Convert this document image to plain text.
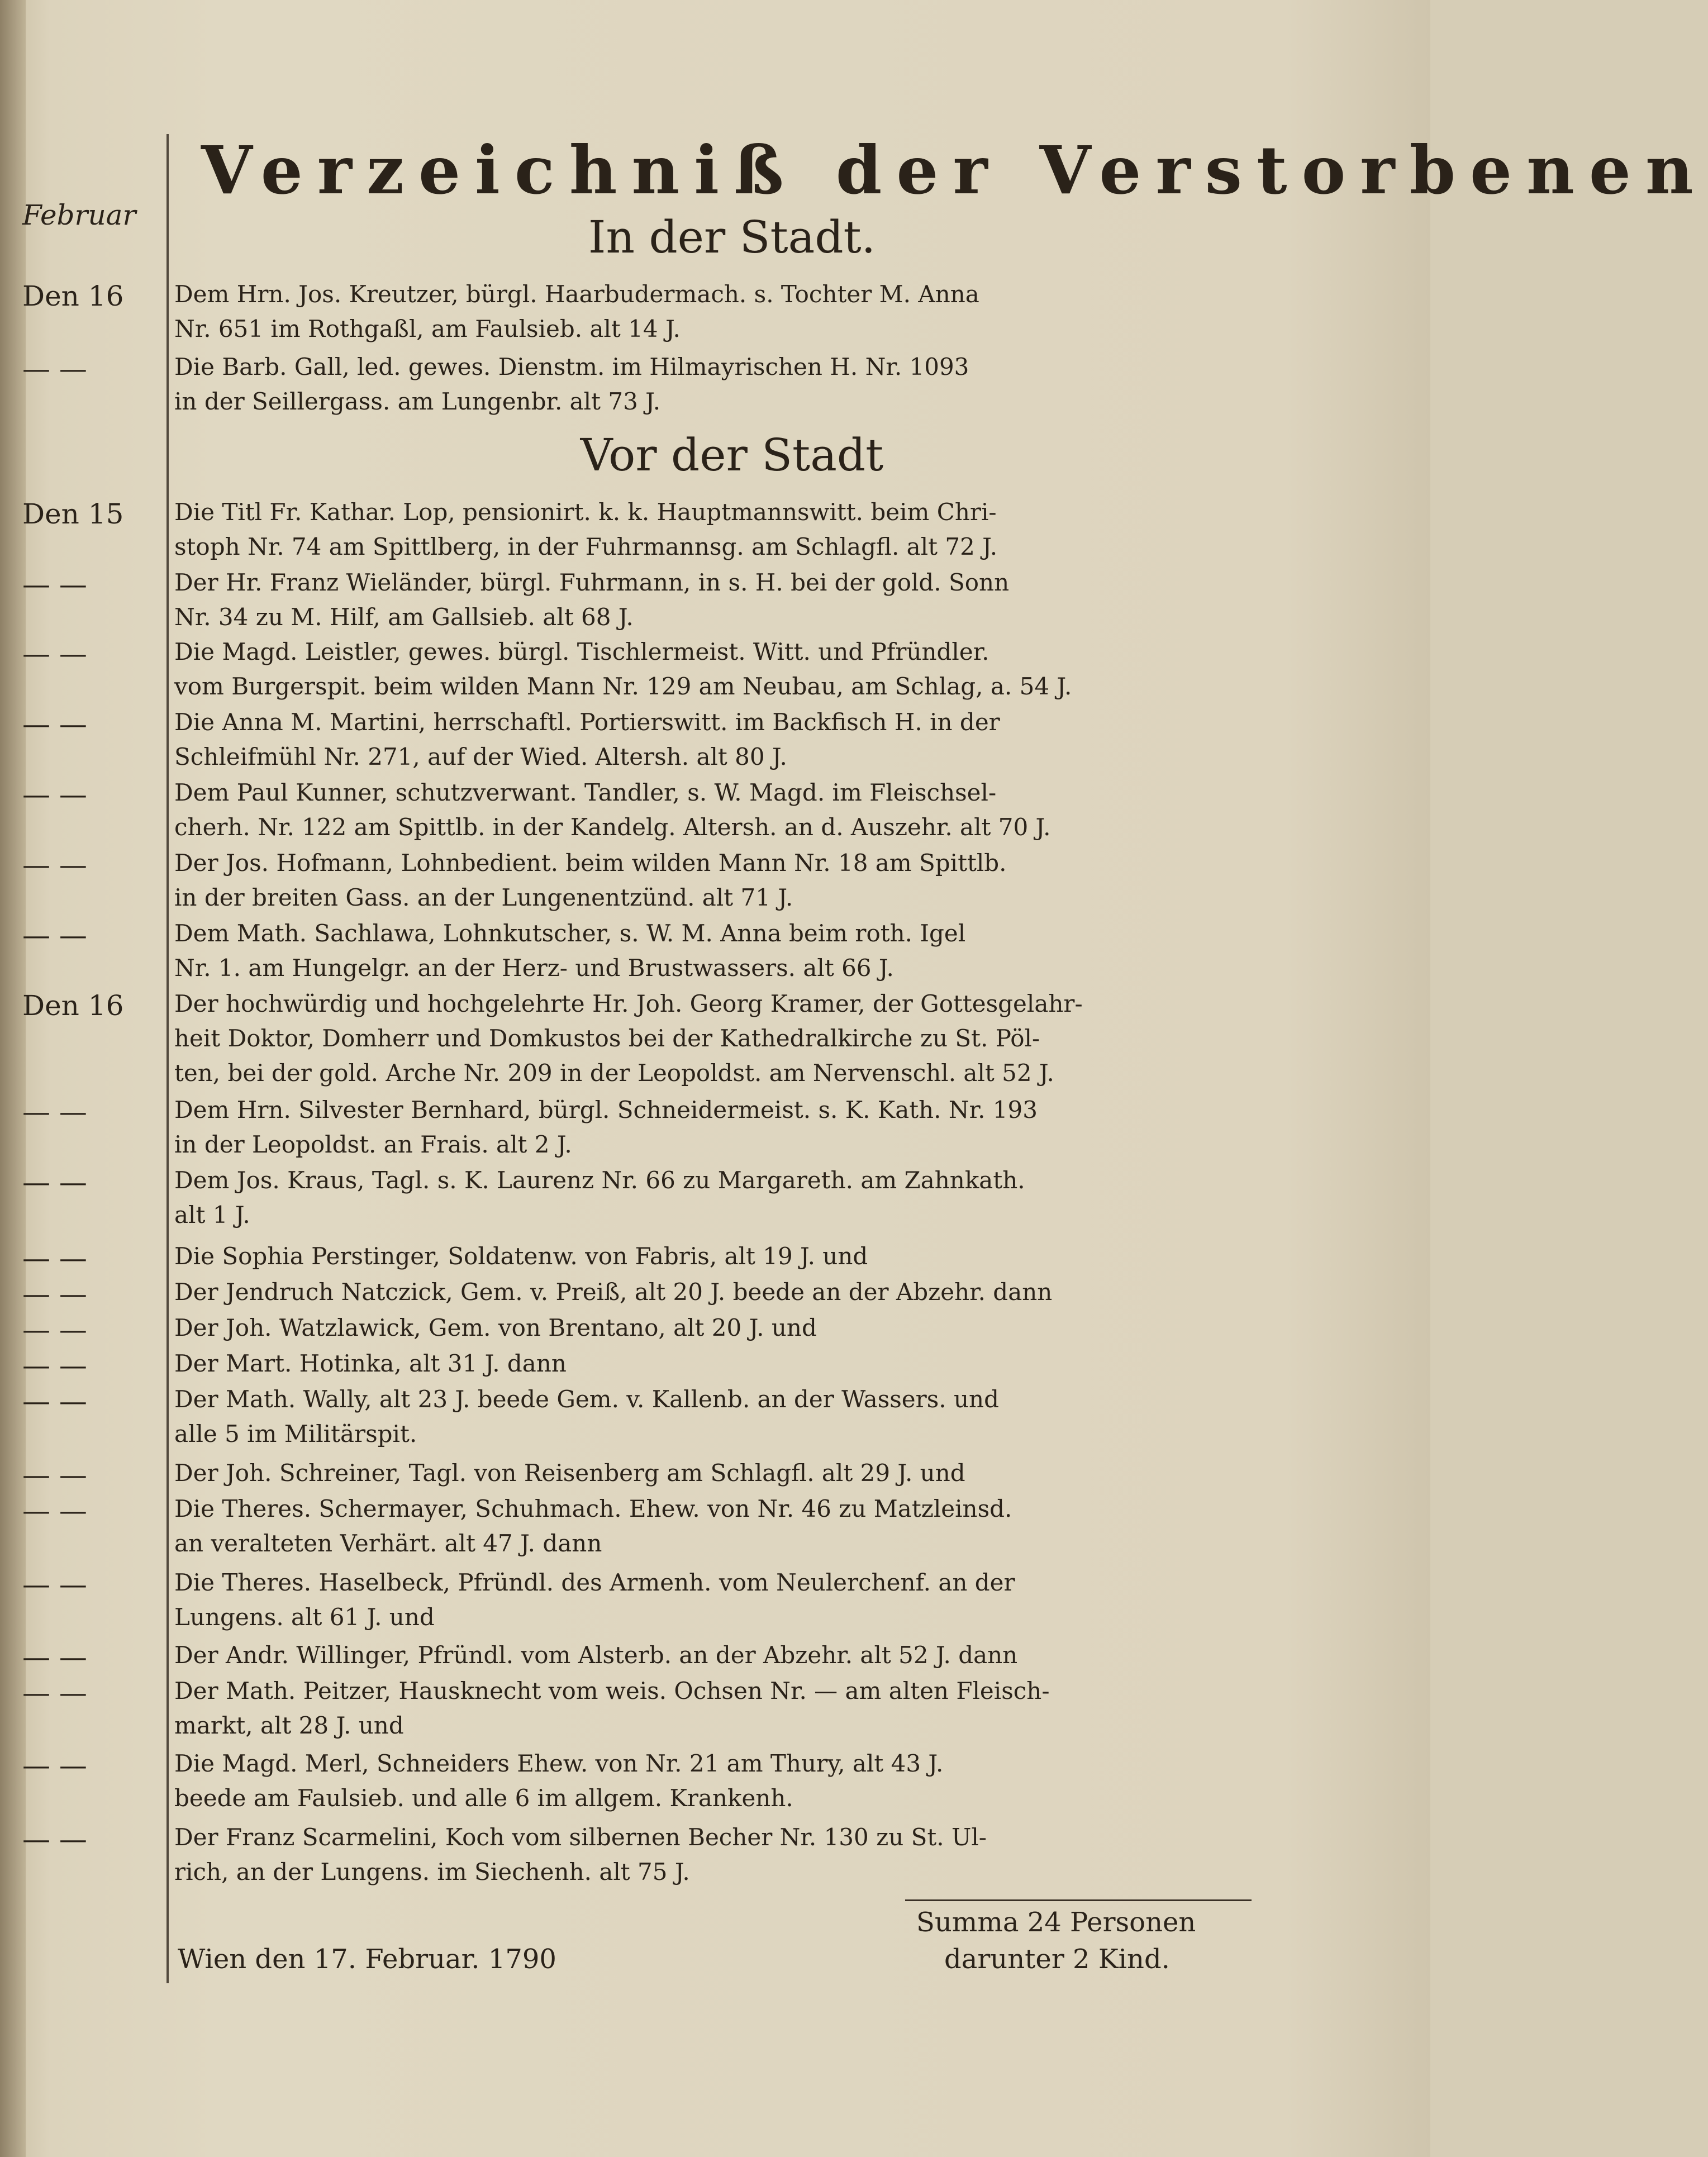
Verzeichniß der Verstorbenen
Februar	In der Stadt.
Vor der Stadt
Den 16	Dem Hrn. Jos. Kreutzer, bürgl. Haarbudermach. s. Tochter M. Anna
Nr. 651 im Rothgaßl, am Faulsieb. alt 14 J.
— —	Die Barb. Gall, led. gewes. Dienstm. im Hilmayrischen H. Nr. 1093
in der Seillergass. am Lungenbr. alt 73 J.
Den 15	Die Titl Fr. Kathar. Lop, pensionirt. k. k. Hauptmannswitt. beim Chri-
stoph Nr. 74 am Spittlberg, in der Fuhrmannsg. am Schlagfl. alt 72 J.
— —	Der Hr. Franz Wieländer, bürgl. Fuhrmann, in s. H. bei der gold. Sonn
Nr. 34 zu M. Hilf, am Gallsieb. alt 68 J.
— —	Die Magd. Leistler, gewes. bürgl. Tischlermeist. Witt. und Pfründler.
vom Burgerspit. beim wilden Mann Nr. 129 am Neubau, am Schlag, a. 54 J.
— —	Die Anna M. Martini, herrschaftl. Portierswitt. im Backfisch H. in der
Schleifmühl Nr. 271, auf der Wied. Altersh. alt 80 J.
— —	Dem Paul Kunner, schutzverwant. Tandler, s. W. Magd. im Fleischsel-
cherh. Nr. 122 am Spittlb. in der Kandelg. Altersh. an d. Auszehr. alt 70 J.
— —	Der Jos. Hofmann, Lohnbedient. beim wilden Mann Nr. 18 am Spittlb.
in der breiten Gass. an der Lungenentzünd. alt 71 J.
— —	Dem Math. Sachlawa, Lohnkutscher, s. W. M. Anna beim roth. Igel
Nr. 1. am Hungelgr. an der Herz- und Brustwassers. alt 66 J.
Den 16	Der hochwürdig und hochgelehrte Hr. Joh. Georg Kramer, der Gottesgelahr-
heit Doktor, Domherr und Domkustos bei der Kathedralkirche zu St. Pöl-
ten, bei der gold. Arche Nr. 209 in der Leopoldst. am Nervenschl. alt 52 J.
— —	Dem Hrn. Silvester Bernhard, bürgl. Schneidermeist. s. K. Kath. Nr. 193
in der Leopoldst. an Frais. alt 2 J.
— —	Dem Jos. Kraus, Tagl. s. K. Laurenz Nr. 66 zu Margareth. am Zahnkath.
alt 1 J.
— —	Die Sophia Perstinger, Soldatenw. von Fabris, alt 19 J. und
— —	Der Jendruch Natczick, Gem. v. Preiß, alt 20 J. beede an der Abzehr. dann
— —	Der Joh. Watzlawick, Gem. von Brentano, alt 20 J. und
— —	Der Mart. Hotinka, alt 31 J. dann
— —	Der Math. Wally, alt 23 J. beede Gem. v. Kallenb. an der Wassers. und
alle 5 im Militärspit.
— —	Der Joh. Schreiner, Tagl. von Reisenberg am Schlagfl. alt 29 J. und
— —	Die Theres. Schermayer, Schuhmach. Ehew. von Nr. 46 zu Matzleinsd.
an veralteten Verhärt. alt 47 J. dann
— —	Die Theres. Haselbeck, Pfründl. des Armenh. vom Neulerchenf. an der
Lungens. alt 61 J. und
— —	Der Andr. Willinger, Pfründl. vom Alsterb. an der Abzehr. alt 52 J. dann
— —	Der Math. Peitzer, Hausknecht vom weis. Ochsen Nr. — am alten Fleisch-
markt, alt 28 J. und
— —	Die Magd. Merl, Schneiders Ehew. von Nr. 21 am Thury, alt 43 J.
beede am Faulsieb. und alle 6 im allgem. Krankenh.
— —	Der Franz Scarmelini, Koch vom silbernen Becher Nr. 130 zu St. Ul-
rich, an der Lungens. im Siechenh. alt 75 J.
Summa 24 Personen
darunter 2 Kind.
Wien den 17. Februar. 1790
